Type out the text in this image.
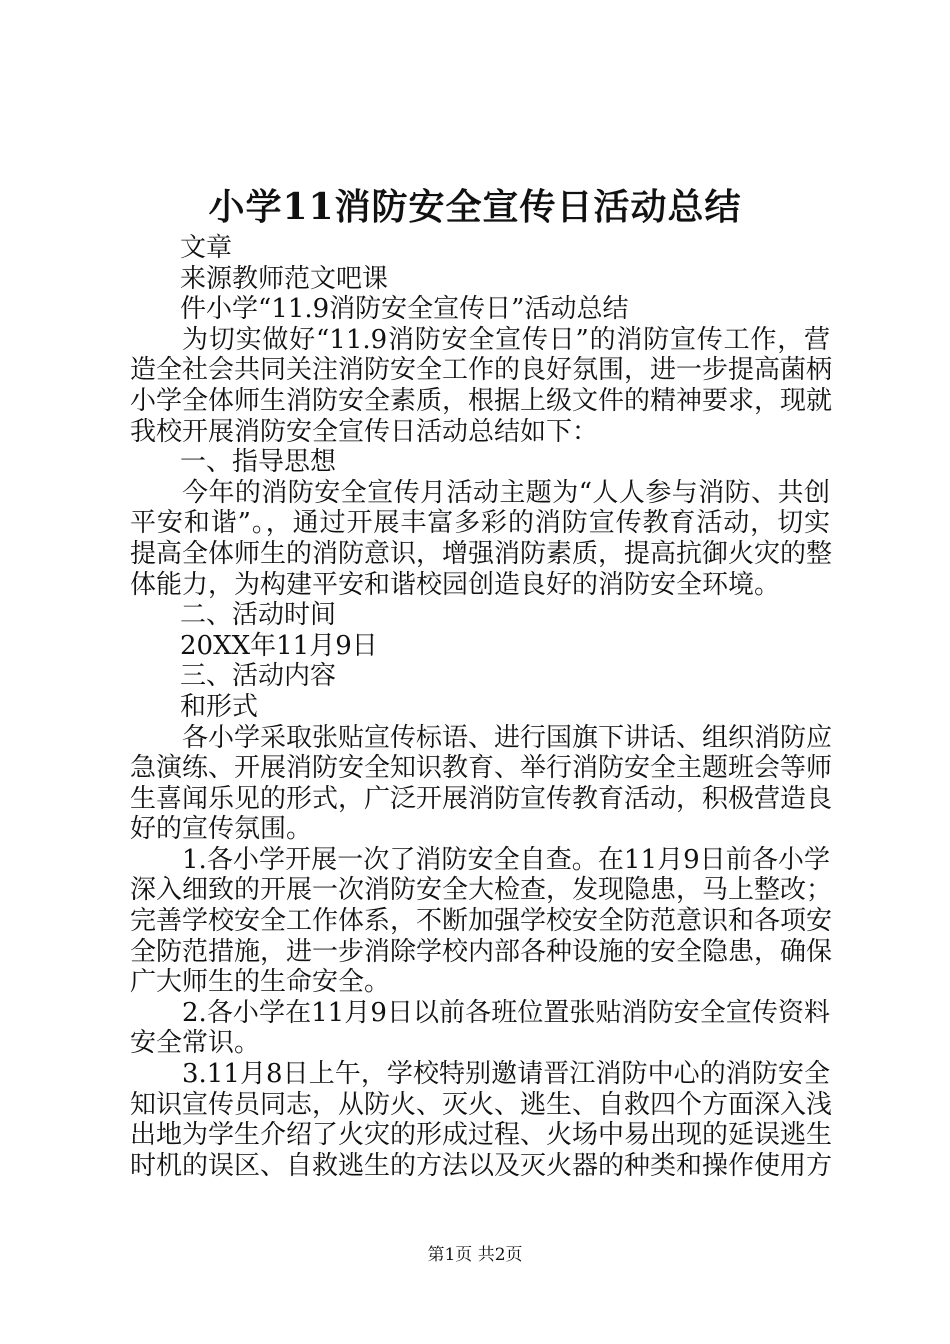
小学11消防安全宣传日活动总结
文章
来源教师范文吧课
件小学“11.9消防安全宣传日”活动总结
为切实做好“11.9消防安全宣传日”的消防宣传工作，营
造全社会共同关注消防安全工作的良好氛围，进一步提高菌柄
小学全体师生消防安全素质，根据上级文件的精神要求，现就
我校开展消防安全宣传日活动总结如下：
一、指导思想
今年的消防安全宣传月活动主题为“人人参与消防、共创
平安和谐”。，通过开展丰富多彩的消防宣传教育活动，切实
提高全体师生的消防意识，增强消防素质，提高抗御火灾的整
体能力，为构建平安和谐校园创造良好的消防安全环境。
二、活动时间
20XX年11月9日
三、活动内容
和形式
各小学采取张贴宣传标语、进行国旗下讲话、组织消防应
急演练、开展消防安全知识教育、举行消防安全主题班会等师
生喜闻乐见的形式，广泛开展消防宣传教育活动，积极营造良
好的宣传氛围。
1.各小学开展一次了消防安全自查。在11月9日前各小学
深入细致的开展一次消防安全大检查，发现隐患，马上整改；
完善学校安全工作体系，不断加强学校安全防范意识和各项安
全防范措施，进一步消除学校内部各种设施的安全隐患，确保
广大师生的生命安全。
2.各小学在11月9日以前各班位置张贴消防安全宣传资料
安全常识。
3.11月8日上午，学校特别邀请晋江消防中心的消防安全
知识宣传员同志，从防火、灭火、逃生、自救四个方面深入浅
出地为学生介绍了火灾的形成过程、火场中易出现的延误逃生
时机的误区、自救逃生的方法以及灭火器的种类和操作使用方
第1页 共2页
